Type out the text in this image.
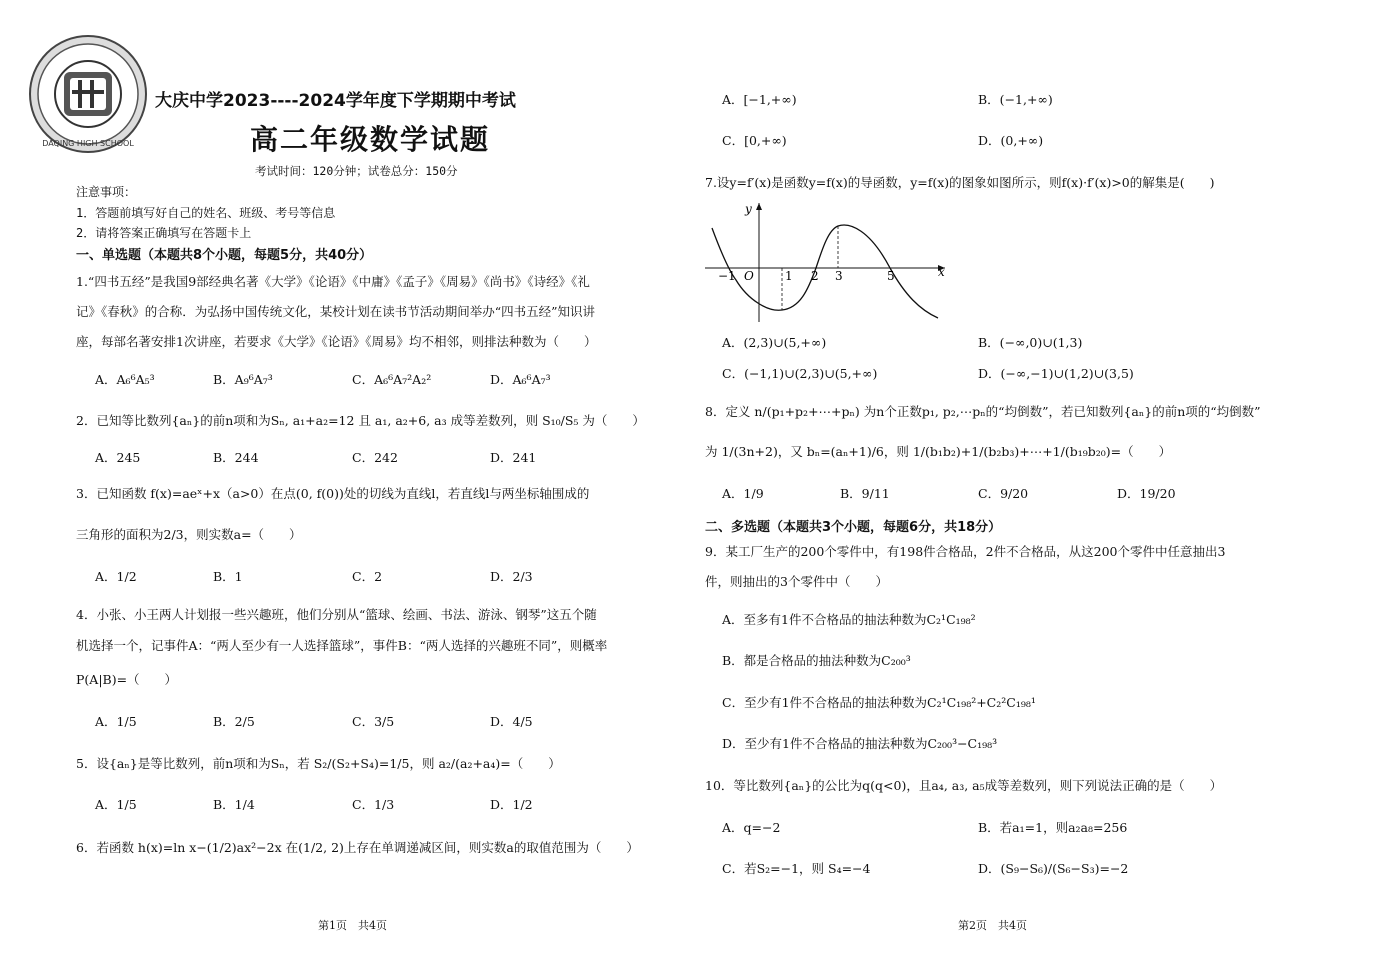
DAQING HIGH SCHOOL
大庆中学2023----2024学年度下学期期中考试
高二年级数学试题
考试时间：120分钟；试卷总分：150分
注意事项：
1．答题前填写好自己的姓名、班级、考号等信息
2．请将答案正确填写在答题卡上
一、单选题（本题共8个小题，每题5分，共40分）
1.“四书五经”是我国9部经典名著《大学》《论语》《中庸》《孟子》《周易》《尚书》《诗经》《礼
记》《春秋》的合称．为弘扬中国传统文化，某校计划在读书节活动期间举办“四书五经”知识讲
座，每部名著安排1次讲座，若要求《大学》《论语》《周易》均不相邻，则排法种数为（　　）
A．A₆⁶A₅³	B．A₉⁶A₇³	C．A₆⁶A₇²A₂²	D．A₆⁶A₇³
2．已知等比数列{aₙ}的前n项和为Sₙ, a₁+a₂=12 且 a₁, a₂+6, a₃ 成等差数列，则 S₁₀/S₅ 为（　　）
A．245	B．244	C．242	D．241
3．已知函数 f(x)=aeˣ+x（a>0）在点(0, f(0))处的切线为直线l，若直线l与两坐标轴围成的
三角形的面积为2/3，则实数a=（　　）
A．1/2	B．1	C．2	D．2/3
4．小张、小王两人计划报一些兴趣班，他们分别从“篮球、绘画、书法、游泳、钢琴”这五个随
机选择一个，记事件A：“两人至少有一人选择篮球”，事件B：“两人选择的兴趣班不同”，则概率
P(A|B)=（　　）
A．1/5	B．2/5	C．3/5	D．4/5
5．设{aₙ}是等比数列，前n项和为Sₙ，若 S₂/(S₂+S₄)=1/5，则 a₂/(a₂+a₄)=（　　）
A．1/5	B．1/4	C．1/3	D．1/2
6．若函数 h(x)=ln x−(1/2)ax²−2x 在(1/2, 2)上存在单调递减区间，则实数a的取值范围为（　　）
第1页　共4页
A．[−1,+∞)	B．(−1,+∞)
C．[0,+∞)	D．(0,+∞)
7.设y=f′(x)是函数y=f(x)的导函数，y=f(x)的图象如图所示，则f(x)·f′(x)>0的解集是(　　)
y
x
O
−1	1 2 3	5
A．(2,3)∪(5,+∞)	B．(−∞,0)∪(1,3)
C．(−1,1)∪(2,3)∪(5,+∞)	D．(−∞,−1)∪(1,2)∪(3,5)
8．定义 n/(p₁+p₂+⋯+pₙ) 为n个正数p₁, p₂,⋯pₙ的“均倒数”，若已知数列{aₙ}的前n项的“均倒数”
为 1/(3n+2)，又 bₙ=(aₙ+1)/6，则 1/(b₁b₂)+1/(b₂b₃)+⋯+1/(b₁₉b₂₀)=（　　）
A．1/9	B．9/11	C．9/20	D．19/20
二、多选题（本题共3个小题，每题6分，共18分）
9．某工厂生产的200个零件中，有198件合格品，2件不合格品，从这200个零件中任意抽出3
件，则抽出的3个零件中（　　）
A．至多有1件不合格品的抽法种数为C₂¹C₁₉₈²
B．都是合格品的抽法种数为C₂₀₀³
C．至少有1件不合格品的抽法种数为C₂¹C₁₉₈²+C₂²C₁₉₈¹
D．至少有1件不合格品的抽法种数为C₂₀₀³−C₁₉₈³
10．等比数列{aₙ}的公比为q(q<0)，且a₄, a₃, a₅成等差数列，则下列说法正确的是（　　）
A．q=−2	B．若a₁=1，则a₂a₈=256
C．若S₂=−1，则 S₄=−4	D．(S₉−S₆)/(S₆−S₃)=−2
第2页　共4页
